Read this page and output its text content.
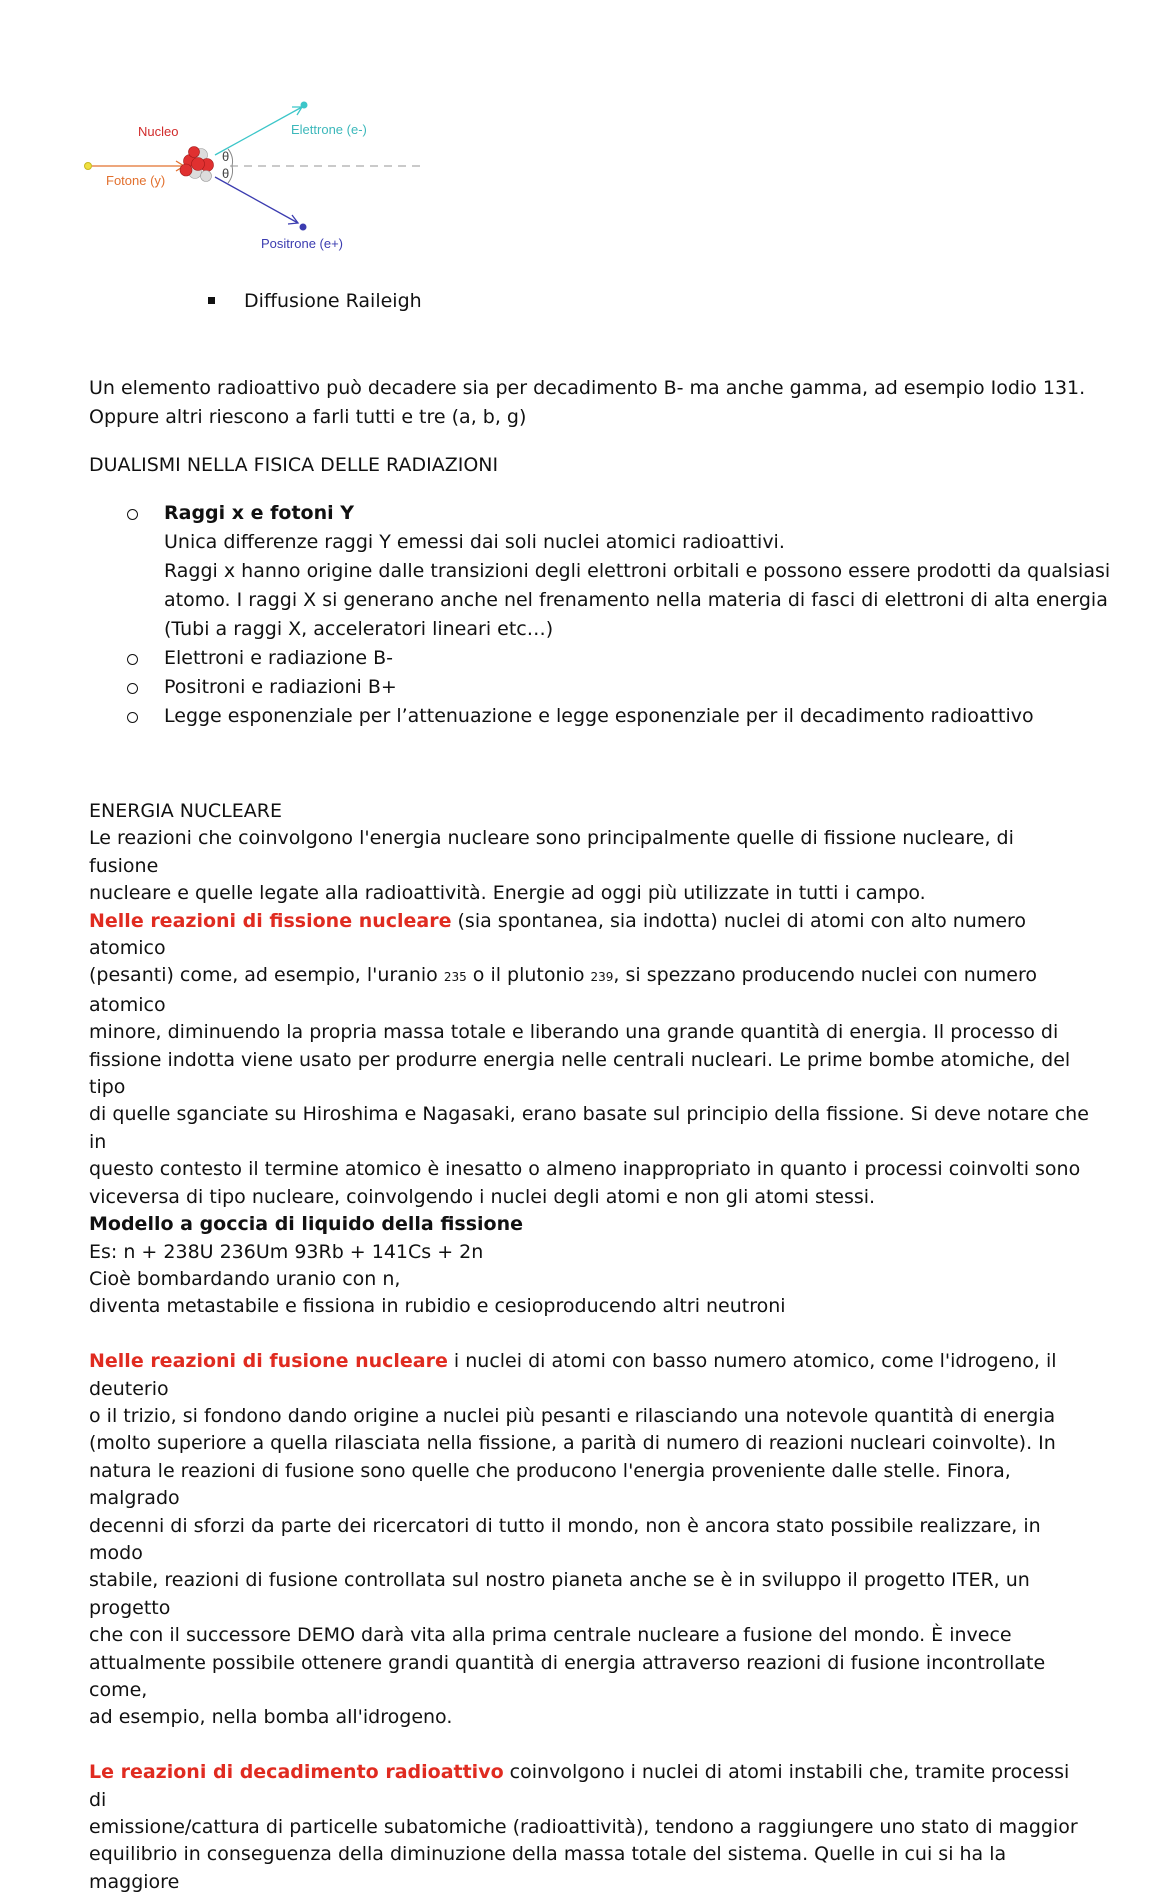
θ
θ
Nucleo
Fotone (y)
Elettrone (e-)
Positrone (e+)
Diffusione Raileigh

Un elemento radioattivo può decadere sia per decadimento B- ma anche gamma, ad esempio Iodio 131.

Oppure altri riescono a farli tutti e tre (a, b, g)

DUALISMI NELLA FISICA DELLE RADIAZIONI

Raggi x e fotoni Y
Unica differenze raggi Y emessi dai soli nuclei atomici radioattivi.
Raggi x hanno origine dalle transizioni degli elettroni orbitali e possono essere prodotti da qualsiasi
atomo. I raggi X si generano anche nel frenamento nella materia di fasci di elettroni di alta energia
(Tubi a raggi X, acceleratori lineari etc…)
Elettroni e radiazione B-
Positroni e radiazioni B+
Legge esponenziale per l’attenuazione e legge esponenziale per il decadimento radioattivo

ENERGIA NUCLEARE

Le reazioni che coinvolgono l'energia nucleare sono principalmente quelle di fissione nucleare, di fusione

nucleare e quelle legate alla radioattività. Energie ad oggi più utilizzate in tutti i campo.

Nelle reazioni di fissione nucleare (sia spontanea, sia indotta) nuclei di atomi con alto numero atomico

(pesanti) come, ad esempio, l'uranio 235 o il plutonio 239, si spezzano producendo nuclei con numero atomico

minore, diminuendo la propria massa totale e liberando una grande quantità di energia. Il processo di

fissione indotta viene usato per produrre energia nelle centrali nucleari. Le prime bombe atomiche, del tipo

di quelle sganciate su Hiroshima e Nagasaki, erano basate sul principio della fissione. Si deve notare che in

questo contesto il termine atomico è inesatto o almeno inappropriato in quanto i processi coinvolti sono

viceversa di tipo nucleare, coinvolgendo i nuclei degli atomi e non gli atomi stessi.

Modello a goccia di liquido della fissione

Es: n + 238U 236Um 93Rb + 141Cs + 2n

Cioè bombardando uranio con n,

diventa metastabile e fissiona in rubidio e cesioproducendo altri neutroni

Nelle reazioni di fusione nucleare i nuclei di atomi con basso numero atomico, come l'idrogeno, il deuterio

o il trizio, si fondono dando origine a nuclei più pesanti e rilasciando una notevole quantità di energia

(molto superiore a quella rilasciata nella fissione, a parità di numero di reazioni nucleari coinvolte). In

natura le reazioni di fusione sono quelle che producono l'energia proveniente dalle stelle. Finora, malgrado

decenni di sforzi da parte dei ricercatori di tutto il mondo, non è ancora stato possibile realizzare, in modo

stabile, reazioni di fusione controllata sul nostro pianeta anche se è in sviluppo il progetto ITER, un progetto

che con il successore DEMO darà vita alla prima centrale nucleare a fusione del mondo. È invece

attualmente possibile ottenere grandi quantità di energia attraverso reazioni di fusione incontrollate come,

ad esempio, nella bomba all'idrogeno.

Le reazioni di decadimento radioattivo coinvolgono i nuclei di atomi instabili che, tramite processi di

emissione/cattura di particelle subatomiche (radioattività), tendono a raggiungere uno stato di maggior

equilibrio in conseguenza della diminuzione della massa totale del sistema. Quelle in cui si ha la maggiore
